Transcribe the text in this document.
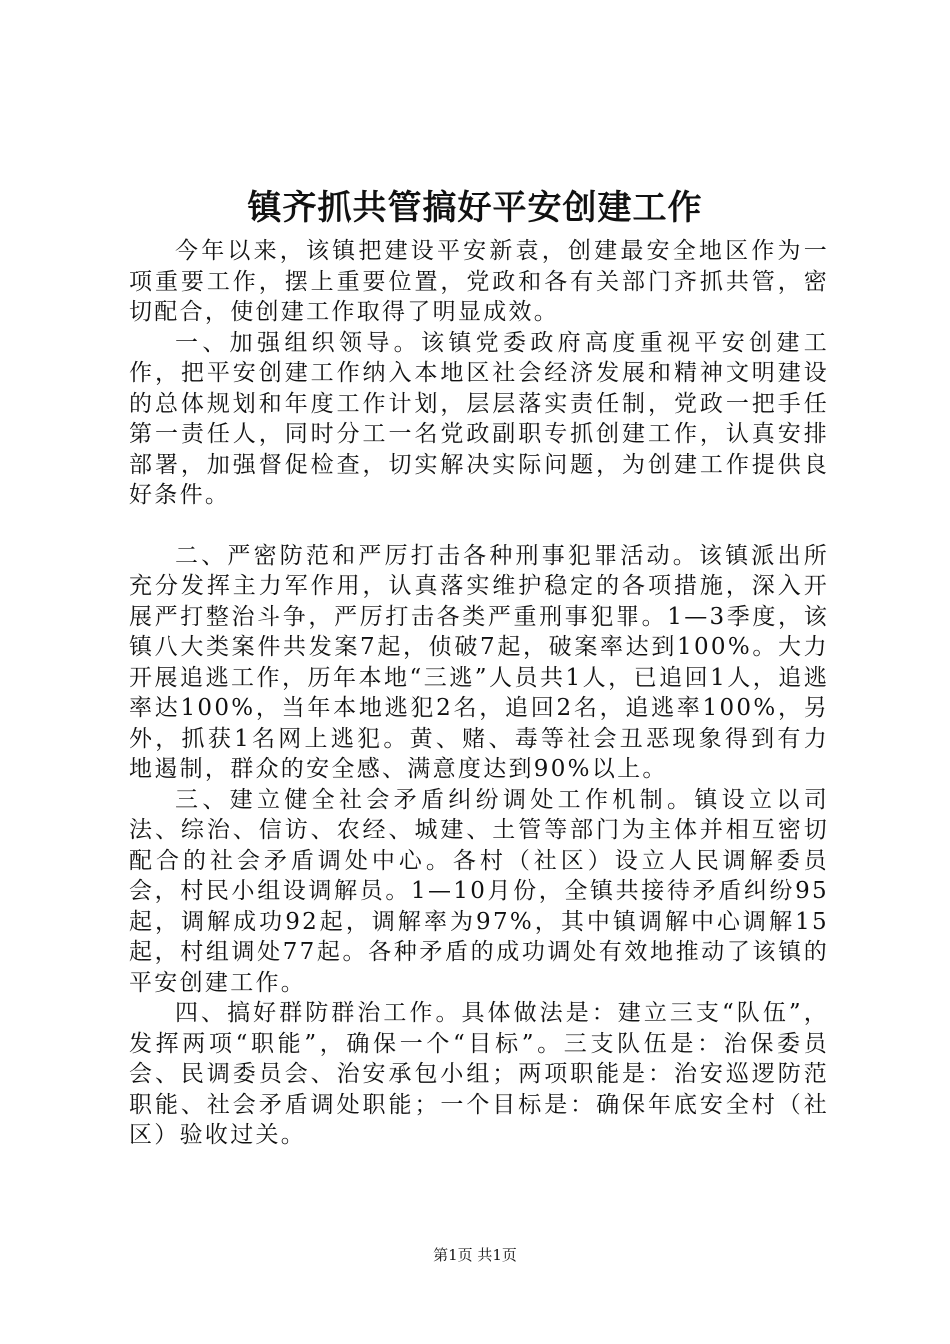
镇齐抓共管搞好平安创建工作

今年以来，该镇把建设平安新袁，创建最安全地区作为一项重要工作，摆上重要位置，党政和各有关部门齐抓共管，密切配合，使创建工作取得了明显成效。

一、加强组织领导。该镇党委政府高度重视平安创建工作，把平安创建工作纳入本地区社会经济发展和精神文明建设的总体规划和年度工作计划，层层落实责任制，党政一把手任第一责任人，同时分工一名党政副职专抓创建工作，认真安排部署，加强督促检查，切实解决实际问题，为创建工作提供良好条件。

二、严密防范和严厉打击各种刑事犯罪活动。该镇派出所充分发挥主力军作用，认真落实维护稳定的各项措施，深入开展严打整治斗争，严厉打击各类严重刑事犯罪。1—3季度，该镇八大类案件共发案7起，侦破7起，破案率达到100%。大力开展追逃工作，历年本地“三逃”人员共1人，已追回1人，追逃率达100%，当年本地逃犯2名，追回2名，追逃率100%，另外，抓获1名网上逃犯。黄、赌、毒等社会丑恶现象得到有力地遏制，群众的安全感、满意度达到90%以上。

三、建立健全社会矛盾纠纷调处工作机制。镇设立以司法、综治、信访、农经、城建、土管等部门为主体并相互密切配合的社会矛盾调处中心。各村（社区）设立人民调解委员会，村民小组设调解员。1—10月份，全镇共接待矛盾纠纷95起，调解成功92起，调解率为97%，其中镇调解中心调解15起，村组调处77起。各种矛盾的成功调处有效地推动了该镇的平安创建工作。

四、搞好群防群治工作。具体做法是：建立三支“队伍”，发挥两项“职能”，确保一个“目标”。三支队伍是：治保委员会、民调委员会、治安承包小组；两项职能是：治安巡逻防范职能、社会矛盾调处职能；一个目标是：确保年底安全村（社区）验收过关。

第1页 共1页
